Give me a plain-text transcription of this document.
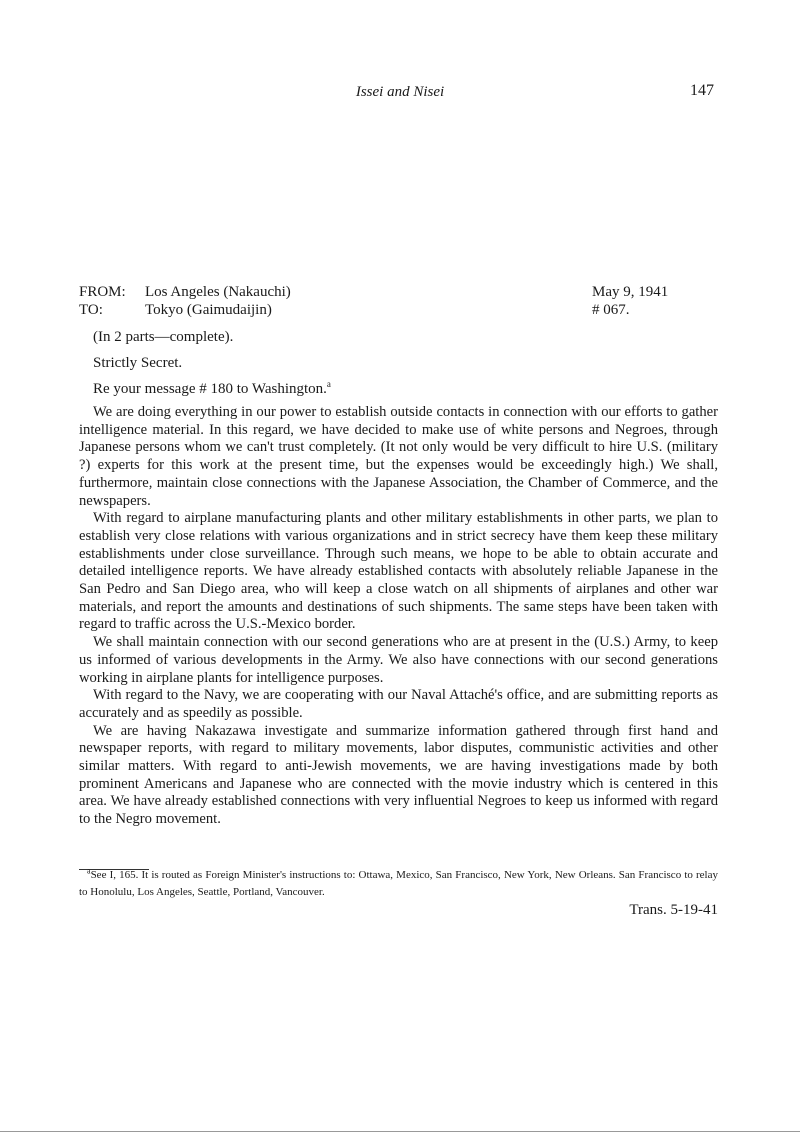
Issei and Nisei	147
FROM:	Los Angeles (Nakauchi)	May 9, 1941
TO:	Tokyo (Gaimudaijin)	# 067.
(In 2 parts—complete).
Strictly Secret.
Re your message # 180 to Washington.$^a$

We are doing everything in our power to establish outside contacts in connection with our efforts to gather intelligence material. In this regard, we have decided to make use of white persons and Negroes, through Japanese persons whom we can't trust completely. (It not only would be very difficult to hire U.S. (military ?) experts for this work at the present time, but the expenses would be exceedingly high.) We shall, furthermore, maintain close connections with the Japanese Association, the Chamber of Commerce, and the newspapers.

With regard to airplane manufacturing plants and other military establishments in other parts, we plan to establish very close relations with various organizations and in strict secrecy have them keep these military establishments under close surveillance. Through such means, we hope to be able to obtain accurate and detailed intelligence reports. We have already established contacts with absolutely reliable Japanese in the San Pedro and San Diego area, who will keep a close watch on all shipments of airplanes and other war materials, and report the amounts and destinations of such shipments. The same steps have been taken with regard to traffic across the U.S.-Mexico border.

We shall maintain connection with our second generations who are at present in the (U.S.) Army, to keep us informed of various developments in the Army. We also have connections with our second generations working in airplane plants for intelligence purposes.

With regard to the Navy, we are cooperating with our Naval Attaché's office, and are submitting reports as accurately and as speedily as possible.

We are having Nakazawa investigate and summarize information gathered through first hand and newspaper reports, with regard to military movements, labor disputes, communistic activities and other similar matters. With regard to anti-Jewish movements, we are having investigations made by both prominent Americans and Japanese who are connected with the movie industry which is centered in this area. We have already established connections with very influential Negroes to keep us informed with regard to the Negro movement.

$^a$See I, 165. It is routed as Foreign Minister's instructions to: Ottawa, Mexico, San Francisco, New York, New Orleans. San Francisco to relay to Honolulu, Los Angeles, Seattle, Portland, Vancouver.
Trans. 5-19-41
